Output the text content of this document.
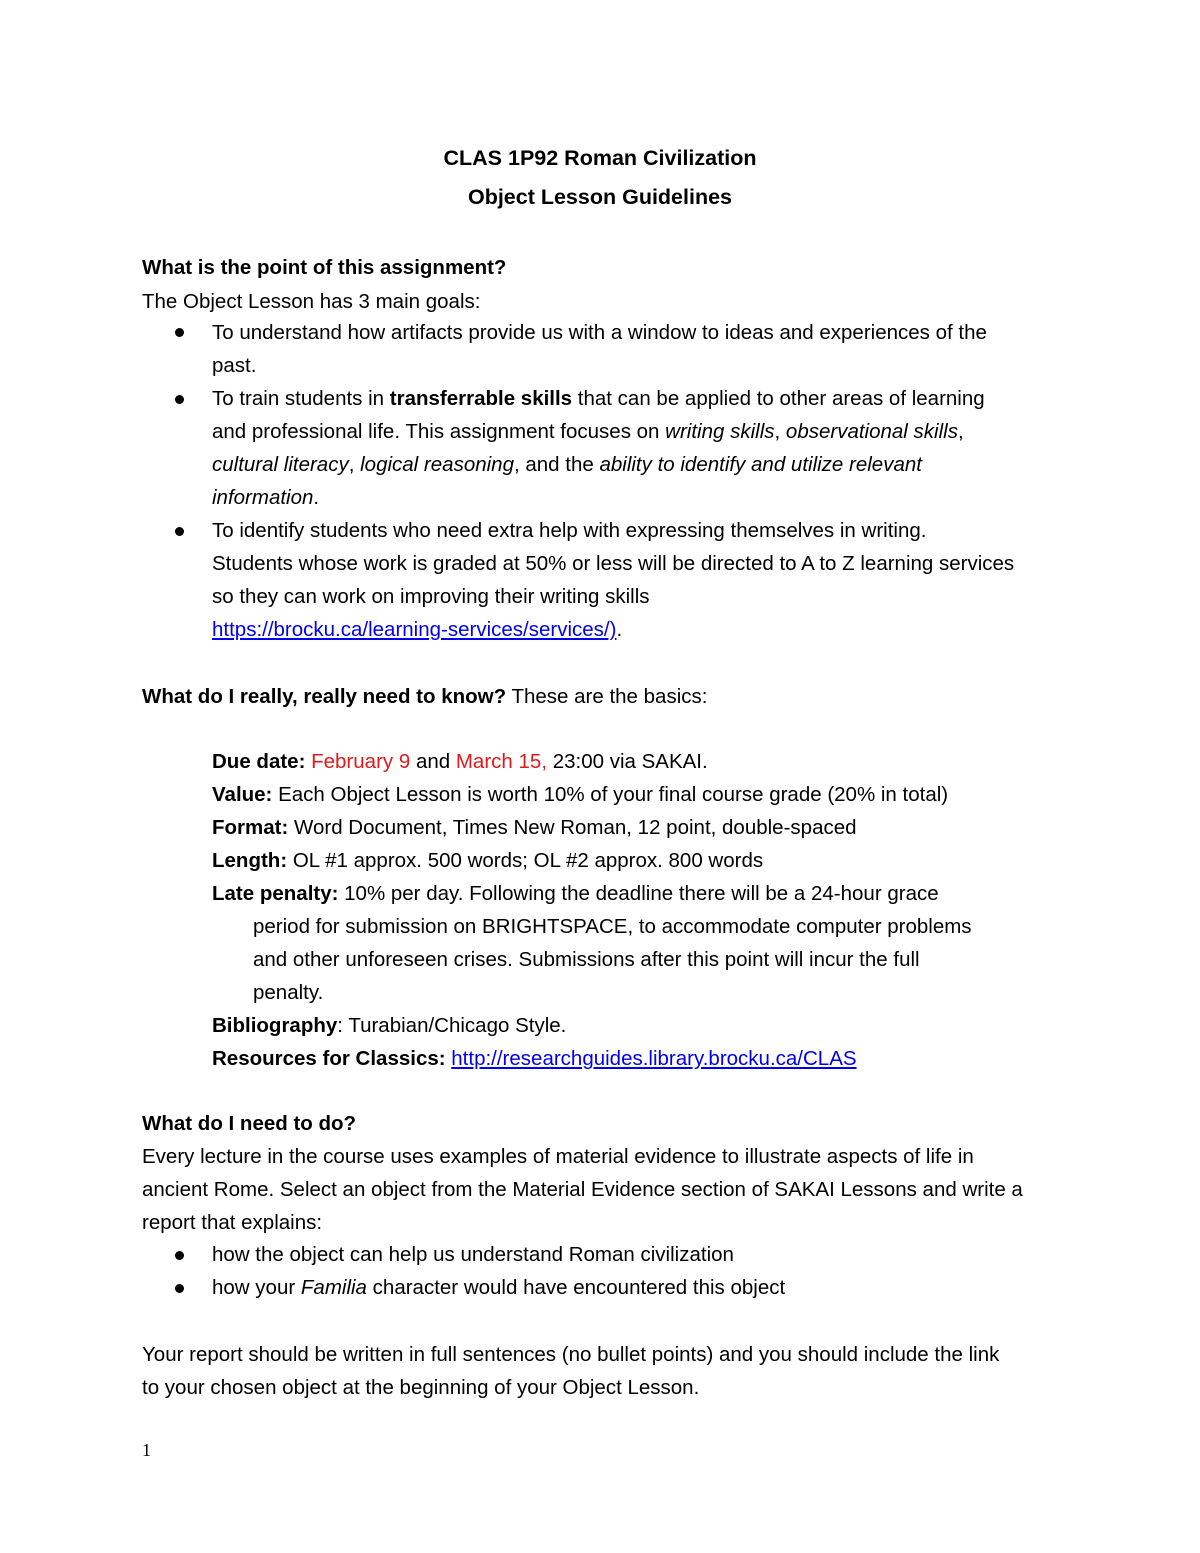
CLAS 1P92 Roman Civilization
Object Lesson Guidelines
What is the point of this assignment?
The Object Lesson has 3 main goals:
To understand how artifacts provide us with a window to ideas and experiences of the
past.
To train students in transferrable skills that can be applied to other areas of learning
and professional life. This assignment focuses on writing skills, observational skills,
cultural literacy, logical reasoning, and the ability to identify and utilize relevant
information.
To identify students who need extra help with expressing themselves in writing.
Students whose work is graded at 50% or less will be directed to A to Z learning services
so they can work on improving their writing skills
https://brocku.ca/learning-services/services/).
What do I really, really need to know? These are the basics:
Due date: February 9 and March 15, 23:00 via SAKAI.
Value: Each Object Lesson is worth 10% of your final course grade (20% in total)
Format: Word Document, Times New Roman, 12 point, double-spaced
Length: OL #1 approx. 500 words; OL #2 approx. 800 words
Late penalty: 10% per day. Following the deadline there will be a 24-hour grace
period for submission on BRIGHTSPACE, to accommodate computer problems
and other unforeseen crises. Submissions after this point will incur the full
penalty.
Bibliography: Turabian/Chicago Style.
Resources for Classics: http://researchguides.library.brocku.ca/CLAS
What do I need to do?
Every lecture in the course uses examples of material evidence to illustrate aspects of life in
ancient Rome. Select an object from the Material Evidence section of SAKAI Lessons and write a
report that explains:
how the object can help us understand Roman civilization
how your Familia character would have encountered this object
Your report should be written in full sentences (no bullet points) and you should include the link
to your chosen object at the beginning of your Object Lesson.
1
